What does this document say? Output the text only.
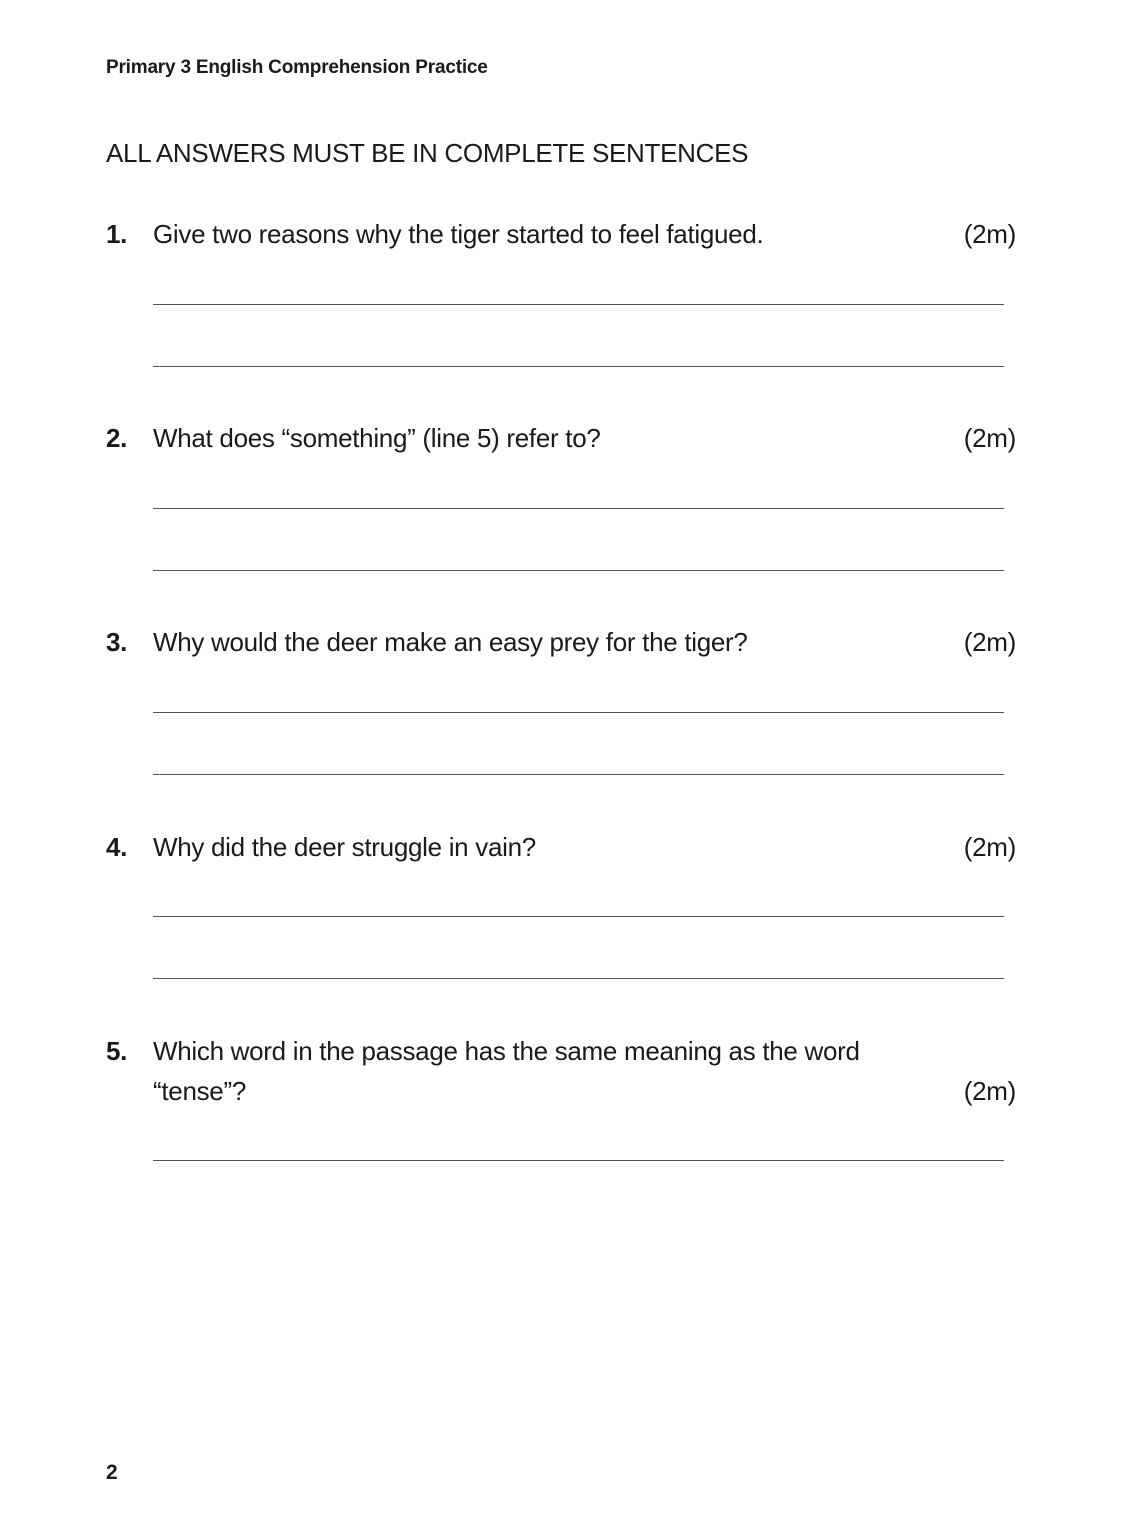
Primary 3 English Comprehension Practice
ALL ANSWERS MUST BE IN COMPLETE SENTENCES
1. Give two reasons why the tiger started to feel fatigued.	(2m)
2. What does “something” (line 5) refer to?	(2m)
3. Why would the deer make an easy prey for the tiger?	(2m)
4. Why did the deer struggle in vain?	(2m)
5. Which word in the passage has the same meaning as the word “tense”?	(2m)
2
